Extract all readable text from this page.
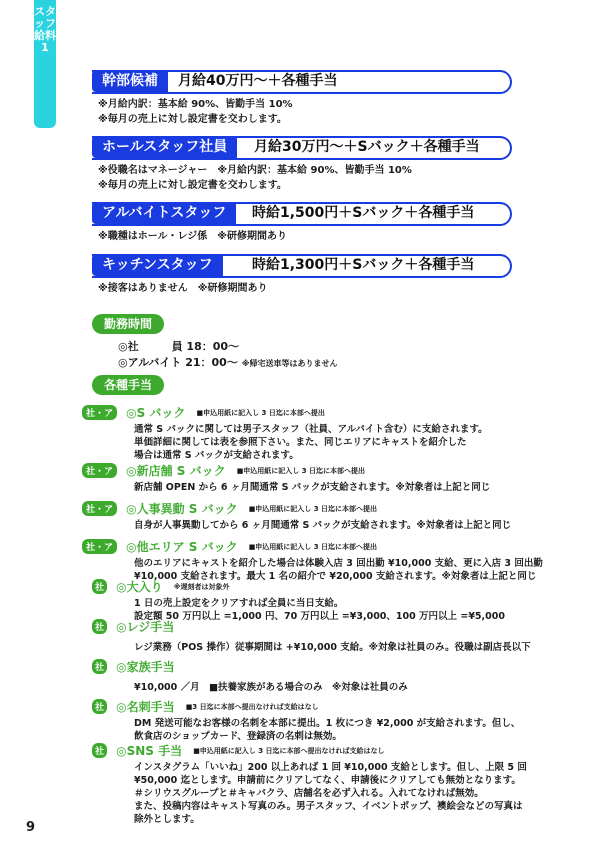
スタッフ給料1
幹部候補	月給40万円～＋各種手当
※月給内訳：基本給 90%、皆勤手当 10%
※毎月の売上に対し設定書を交わします。
ホールスタッフ社員	月給30万円～＋Sバック＋各種手当
※役職名はマネージャー　※月給内訳：基本給 90%、皆勤手当 10%
※毎月の売上に対し設定書を交わします。
アルバイトスタッフ	時給1,500円＋Sバック＋各種手当
※職種はホール・レジ係　※研修期間あり
キッチンスタッフ	時給1,300円＋Sバック＋各種手当
※接客はありません　※研修期間あり
勤務時間
◎社　　　員 18：00～
◎アルバイト 21：00～ ※帰宅送車等はありません
各種手当
社・ア ◎S バック ■申込用紙に記入し 3 日迄に本部へ提出
通常 S バックに関しては男子スタッフ（社員、アルバイト含む）に支給されます。
単価詳細に関しては表を参照下さい。また、同じエリアにキャストを紹介した
場合は通常 S バックが支給されます。
社・ア ◎新店舗 S バック ■申込用紙に記入し 3 日迄に本部へ提出
新店舗 OPEN から 6 ヶ月間通常 S バックが支給されます。※対象者は上記と同じ
社・ア ◎人事異動 S バック ■申込用紙に記入し 3 日迄に本部へ提出
自身が人事異動してから 6 ヶ月間通常 S バックが支給されます。※対象者は上記と同じ
社・ア ◎他エリア S バック ■申込用紙に記入し 3 日迄に本部へ提出
他のエリアにキャストを紹介した場合は体験入店 3 回出勤 ¥10,000 支給、更に入店 3 回出勤
¥10,000 支給されます。最大 1 名の紹介で ¥20,000 支給されます。※対象者は上記と同じ
社 ◎大入り ※遅刻者は対象外
1 日の売上設定をクリアすれば全員に当日支給。
設定額 50 万円以上 =1,000 円、70 万円以上 =¥3,000、100 万円以上 =¥5,000
社 ◎レジ手当
レジ業務（POS 操作）従事期間は +¥10,000 支給。※対象は社員のみ。役職は副店長以下
社 ◎家族手当
¥10,000 ／月　■扶養家族がある場合のみ　※対象は社員のみ
社 ◎名刺手当 ■3 日迄に本部へ提出なければ支給はなし
DM 発送可能なお客様の名刺を本部に提出。1 枚につき ¥2,000 が支給されます。但し、
飲食店のショップカード、登録済の名刺は無効。
社 ◎SNS 手当 ■申込用紙に記入し 3 日迄に本部へ提出なければ支給はなし
インスタグラム「いいね」200 以上あれば 1 回 ¥10,000 支給とします。但し、上限 5 回
¥50,000 迄とします。申請前にクリアしてなく、申請後にクリアしても無効となります。
＃シリウスグループと＃キャバクラ、店舗名を必ず入れる。入れてなければ無効。
また、投稿内容はキャスト写真のみ。男子スタッフ、イベントポップ、襖絵会などの写真は
除外とします。
9
